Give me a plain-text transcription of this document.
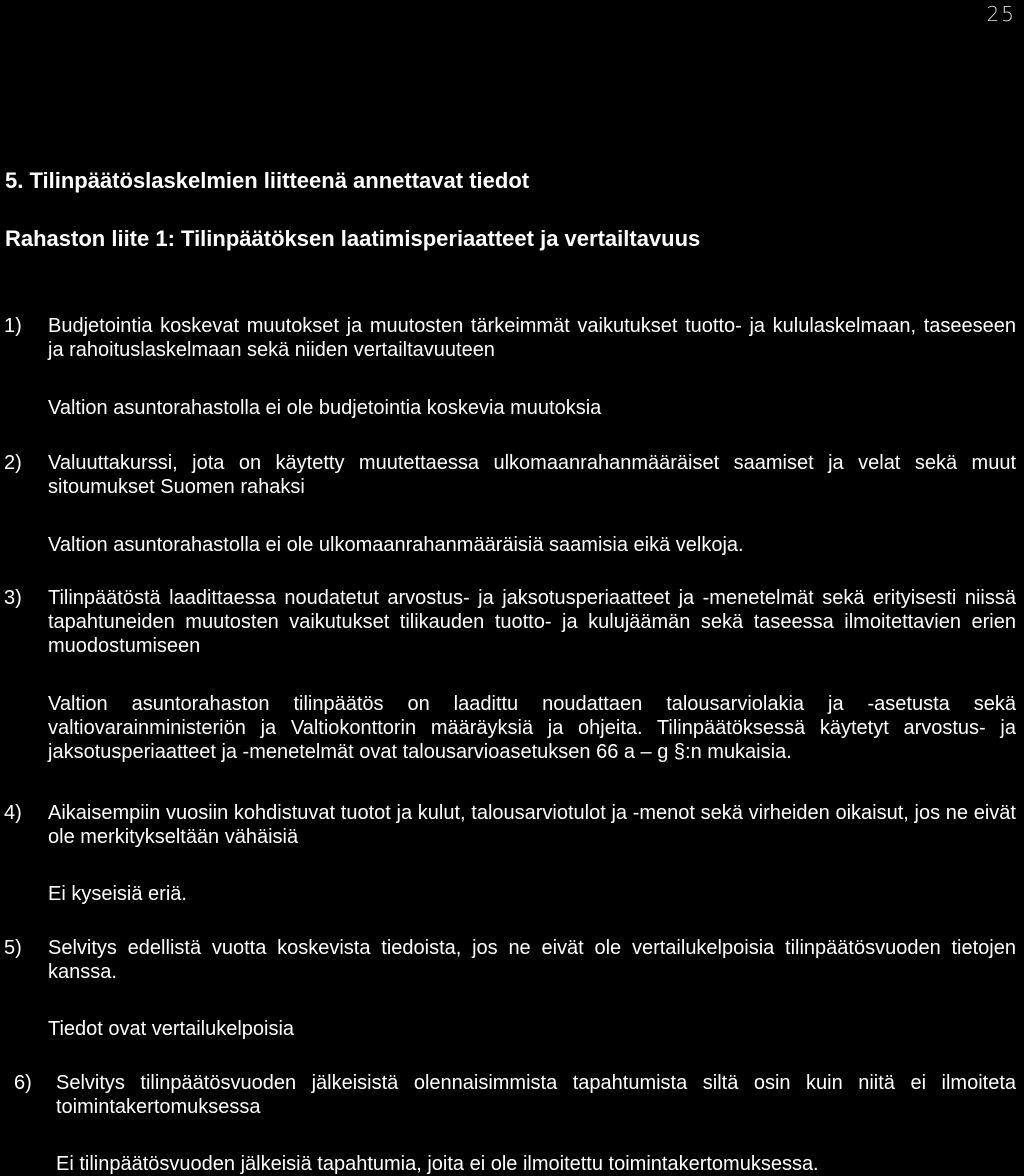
25
5. Tilinpäätöslaskelmien liitteenä annettavat tiedot
Rahaston liite 1: Tilinpäätöksen laatimisperiaatteet ja vertailtavuus
1) Budjetointia koskevat muutokset ja muutosten tärkeimmät vaikutukset tuotto- ja kululaskelmaan, taseeseen ja rahoituslaskelmaan sekä niiden vertailtavuuteen
Valtion asuntorahastolla ei ole budjetointia koskevia muutoksia
2) Valuuttakurssi, jota on käytetty muutettaessa ulkomaanrahanmääräiset saamiset ja velat sekä muut sitoumukset Suomen rahaksi
Valtion asuntorahastolla ei ole ulkomaanrahanmääräisiä saamisia eikä velkoja.
3) Tilinpäätöstä laadittaessa noudatetut arvostus- ja jaksotusperiaatteet ja -menetelmät sekä erityisesti niissä tapahtuneiden muutosten vaikutukset tilikauden tuotto- ja kulujäämän sekä taseessa ilmoitettavien erien muodostumiseen
Valtion asuntorahaston tilinpäätös on laadittu noudattaen talousarviolakia ja -asetusta sekä valtiovarainministeriön ja Valtiokonttorin määräyksiä ja ohjeita. Tilinpäätöksessä käytetyt arvostus- ja jaksotusperiaatteet ja -menetelmät ovat talousarvioasetuksen 66 a – g §:n mukaisia.
4) Aikaisempiin vuosiin kohdistuvat tuotot ja kulut, talousarviotulot ja -menot sekä virheiden oikaisut, jos ne eivät ole merkitykseltään vähäisiä
Ei kyseisiä eriä.
5) Selvitys edellistä vuotta koskevista tiedoista, jos ne eivät ole vertailukelpoisia tilinpäätösvuoden tietojen kanssa.
Tiedot ovat vertailukelpoisia
6) Selvitys tilinpäätösvuoden jälkeisistä olennaisimmista tapahtumista siltä osin kuin niitä ei ilmoiteta toimintakertomuksessa
Ei tilinpäätösvuoden jälkeisiä tapahtumia, joita ei ole ilmoitettu toimintakertomuksessa.
